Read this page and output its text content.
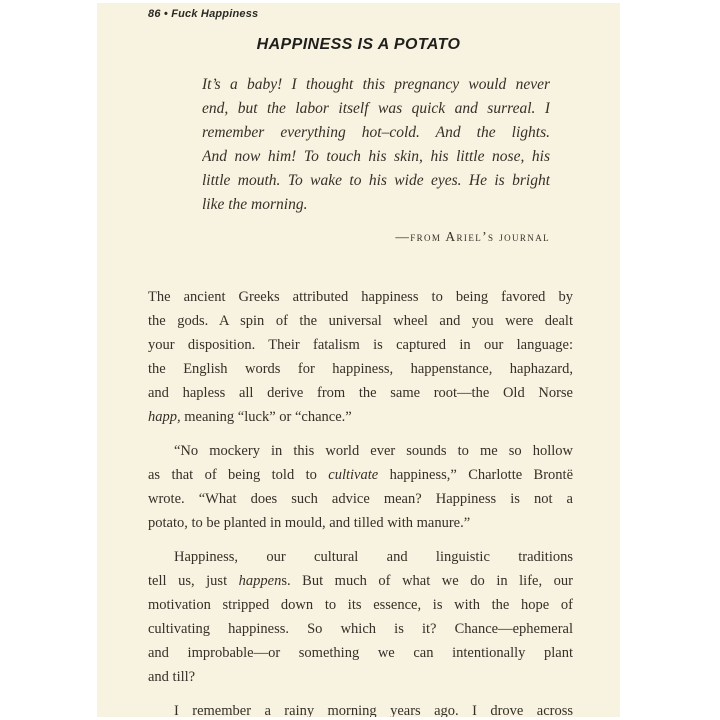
86 • Fuck Happiness
HAPPINESS IS A POTATO
It’s a baby! I thought this pregnancy would never
end, but the labor itself was quick and surreal. I
remember everything hot–cold. And the lights.
And now him! To touch his skin, his little nose, his
little mouth. To wake to his wide eyes. He is bright
like the morning.
—from Ariel’s journal
The ancient Greeks attributed happiness to being favored by
the gods. A spin of the universal wheel and you were dealt
your disposition. Their fatalism is captured in our language:
the English words for happiness, happenstance, haphazard,
and hapless all derive from the same root—the Old Norse
happ, meaning “luck” or “chance.”
“No mockery in this world ever sounds to me so hollow
as that of being told to cultivate happiness,” Charlotte Brontë
wrote. “What does such advice mean? Happiness is not a
potato, to be planted in mould, and tilled with manure.”
Happiness, our cultural and linguistic traditions
tell us, just happens. But much of what we do in life, our
motivation stripped down to its essence, is with the hope of
cultivating happiness. So which is it? Chance—ephemeral
and improbable—or something we can intentionally plant
and till?
I remember a rainy morning years ago. I drove across
